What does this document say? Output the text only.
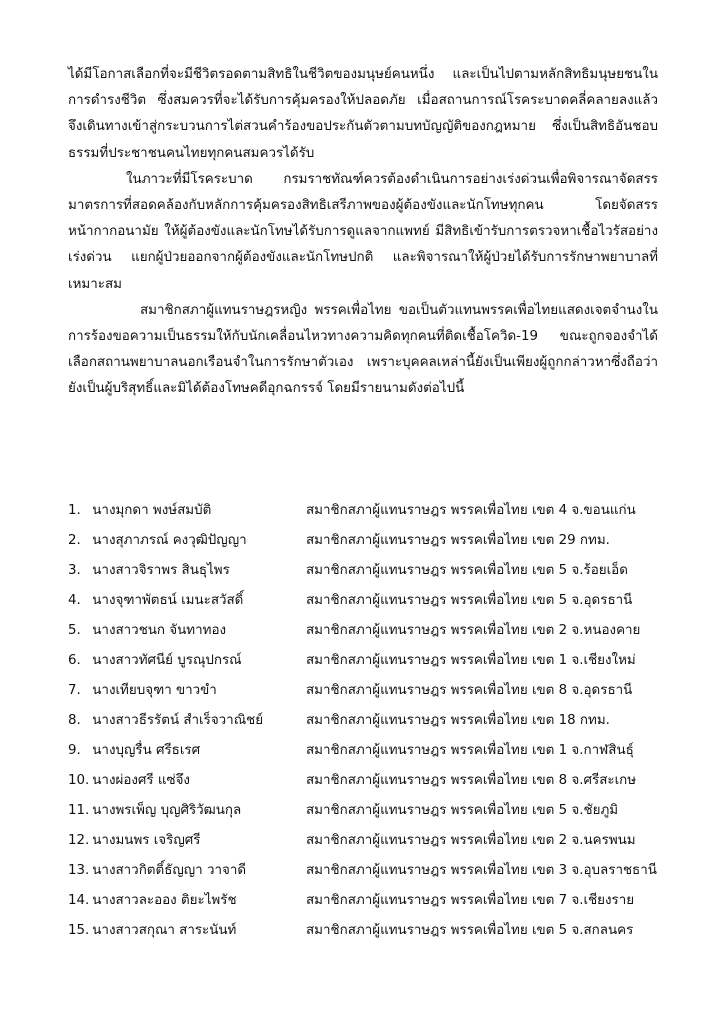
ได้มีโอกาสเลือกที่จะมีชีวิตรอดตามสิทธิในชีวิตของมนุษย์คนหนึ่ง และเป็นไปตามหลักสิทธิมนุษยชนในการดำรงชีวิต ซึ่งสมควรที่จะได้รับการคุ้มครองให้ปลอดภัย เมื่อสถานการณ์โรคระบาดคลี่คลายลงแล้ว จึงเดินทางเข้าสู่กระบวนการไต่สวนคำร้องขอประกันตัวตามบทบัญญัติของกฎหมาย ซึ่งเป็นสิทธิอันชอบธรรมที่ประชาชนคนไทยทุกคนสมควรได้รับ

ในภาวะที่มีโรคระบาด กรมราชทัณฑ์ควรต้องดำเนินการอย่างเร่งด่วนเพื่อพิจารณาจัดสรรมาตรการที่สอดคล้องกับหลักการคุ้มครองสิทธิเสรีภาพของผู้ต้องขังและนักโทษทุกคน โดยจัดสรรหน้ากากอนามัย ให้ผู้ต้องขังและนักโทษได้รับการดูแลจากแพทย์ มีสิทธิเข้ารับการตรวจหาเชื้อไวรัสอย่างเร่งด่วน แยกผู้ป่วยออกจากผู้ต้องขังและนักโทษปกติ และพิจารณาให้ผู้ป่วยได้รับการรักษาพยาบาลที่เหมาะสม

สมาชิกสภาผู้แทนราษฎรหญิง พรรคเพื่อไทย ขอเป็นตัวแทนพรรคเพื่อไทยแสดงเจตจำนงในการร้องขอความเป็นธรรมให้กับนักเคลื่อนไหวทางความคิดทุกคนที่ติดเชื้อโควิด-19 ขณะถูกจองจำได้เลือกสถานพยาบาลนอกเรือนจำในการรักษาตัวเอง เพราะบุคคลเหล่านี้ยังเป็นเพียงผู้ถูกกล่าวหาซึ่งถือว่ายังเป็นผู้บริสุทธิ์และมิได้ต้องโทษคดีอุกฉกรรจ์ โดยมีรายนามดังต่อไปนี้

1. นางมุกดา พงษ์สมบัติ	สมาชิกสภาผู้แทนราษฎร พรรคเพื่อไทย เขต 4 จ.ขอนแก่น
2. นางสุภาภรณ์ คงวุฒิปัญญา	สมาชิกสภาผู้แทนราษฎร พรรคเพื่อไทย เขต 29 กทม.
3. นางสาวจิราพร สินธุไพร	สมาชิกสภาผู้แทนราษฎร พรรคเพื่อไทย เขต 5 จ.ร้อยเอ็ด
4. นางจุฑาพัตธน์ เมนะสวัสดิ์	สมาชิกสภาผู้แทนราษฎร พรรคเพื่อไทย เขต 5 จ.อุดรธานี
5. นางสาวชนก จันทาทอง	สมาชิกสภาผู้แทนราษฎร พรรคเพื่อไทย เขต 2 จ.หนองคาย
6. นางสาวทัศนีย์ บูรณุปกรณ์	สมาชิกสภาผู้แทนราษฎร พรรคเพื่อไทย เขต 1 จ.เชียงใหม่
7. นางเทียบจุฑา ขาวขำ	สมาชิกสภาผู้แทนราษฎร พรรคเพื่อไทย เขต 8 จ.อุดรธานี
8. นางสาวธีรรัตน์ สำเร็จวาณิชย์	สมาชิกสภาผู้แทนราษฎร พรรคเพื่อไทย เขต 18 กทม.
9. นางบุญรื่น ศรีธเรศ	สมาชิกสภาผู้แทนราษฎร พรรคเพื่อไทย เขต 1 จ.กาฬสินธุ์
10. นางผ่องศรี แซ่จึง	สมาชิกสภาผู้แทนราษฎร พรรคเพื่อไทย เขต 8 จ.ศรีสะเกษ
11. นางพรเพ็ญ บุญศิริวัฒนกุล	สมาชิกสภาผู้แทนราษฎร พรรคเพื่อไทย เขต 5 จ.ชัยภูมิ
12. นางมนพร เจริญศรี	สมาชิกสภาผู้แทนราษฎร พรรคเพื่อไทย เขต 2 จ.นครพนม
13. นางสาวกิตติ์ธัญญา วาจาดี	สมาชิกสภาผู้แทนราษฎร พรรคเพื่อไทย เขต 3 จ.อุบลราชธานี
14. นางสาวละออง ติยะไพรัช	สมาชิกสภาผู้แทนราษฎร พรรคเพื่อไทย เขต 7 จ.เชียงราย
15. นางสาวสกุณา สาระนันท์	สมาชิกสภาผู้แทนราษฎร พรรคเพื่อไทย เขต 5 จ.สกลนคร
